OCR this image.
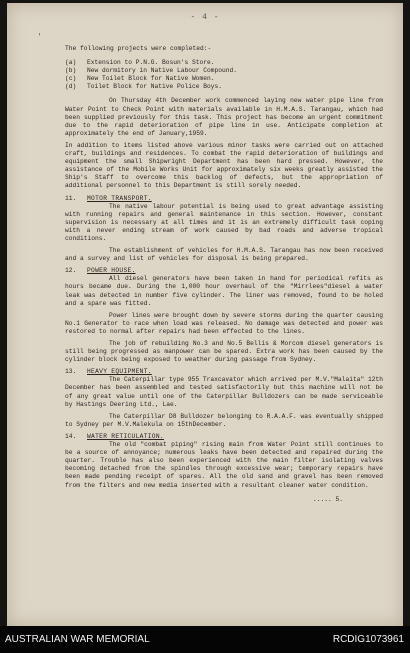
- 4 -
'

The following projects were completed:-

(a)	Extension to P.N.G. Bosun's Store.
(b)	New dormitory in Native Labour Compound.
(c)	New Toilet Block for Native Women.
(d)	Toilet Block for Native Police Boys.

On Thursday 4th December work commenced laying new water pipe line from Water Point to Check Point with materials available in H.M.A.S. Tarangau, which had been supplied previously for this task. This project has become an urgent commitment due to the rapid deterioration of pipe line in use. Anticipate completion at approximately the end of January,1959.

In addition to items listed above various minor tasks were carried out on attached craft, buildings and residences. To combat the rapid deterioration of buildings and equipment the small Shipwright Department has been hard pressed. However, the assistance of the Mobile Works Unit for approximately six weeks greatly assisted the Ship's Staff to overcome this backlog of defects, but the appropriation of additional personnel to this Department is still sorely needed.

11.	MOTOR TRANSPORT.

The native labour potential is being used to great advantage assisting with running repairs and general maintenance in this section. However, constant supervision is necessary at all times and it is an extremely difficult task coping with a never ending stream of work caused by bad roads and adverse tropical conditions.

The establishment of vehicles for H.M.A.S. Tarangau has now been received and a survey and list of vehicles for disposal is being prepared.

12.	POWER HOUSE.

All diesel generators have been taken in hand for periodical refits as hours became due. During the 1,000 hour overhaul of the "Mirrlees"diesel a water leak was detected in number five cylinder. The liner was removed, found to be holed and a spare was fitted.

Power lines were brought down by severe storms during the quarter causing No.1 Generator to race when load was released. No damage was detected and power was restored to normal after repairs had been effected to the lines.

The job of rebuilding No.3 and No.5 Bellis & Morcom diesel generators is still being progressed as manpower can be spared. Extra work has been caused by the cylinder block being exposed to weather during passage from Sydney.

13.	HEAVY EQUIPMENT.

The Caterpillar type 955 Traxcavator which arrived per M.V."Malaita" 12th December has been assembled and tested satisfactorily but this machine will not be of any great value until one of the Caterpillar Bulldozers can be made serviceable by Hastings Deering Ltd., Lae.

The Caterpillar D8 Bulldozer belonging to R.A.A.F. was eventually shipped to Sydney per M.V.Malekula on 15thDecember.

14.	WATER RETICULATION.

The old "combat piping" rising main from Water Point still continues to be a source of annoyance; numerous leaks have been detected and repaired during the quarter. Trouble has also been experienced with the main filter isolating valves becoming detached from the spindles through excessive wear; temporary repairs have been made pending receipt of spares. All the old sand and gravel has been removed from the filters and new media inserted with a resultant cleaner water condition.

..... 5.
AUSTRALIAN WAR MEMORIAL	RCDIG1073961
